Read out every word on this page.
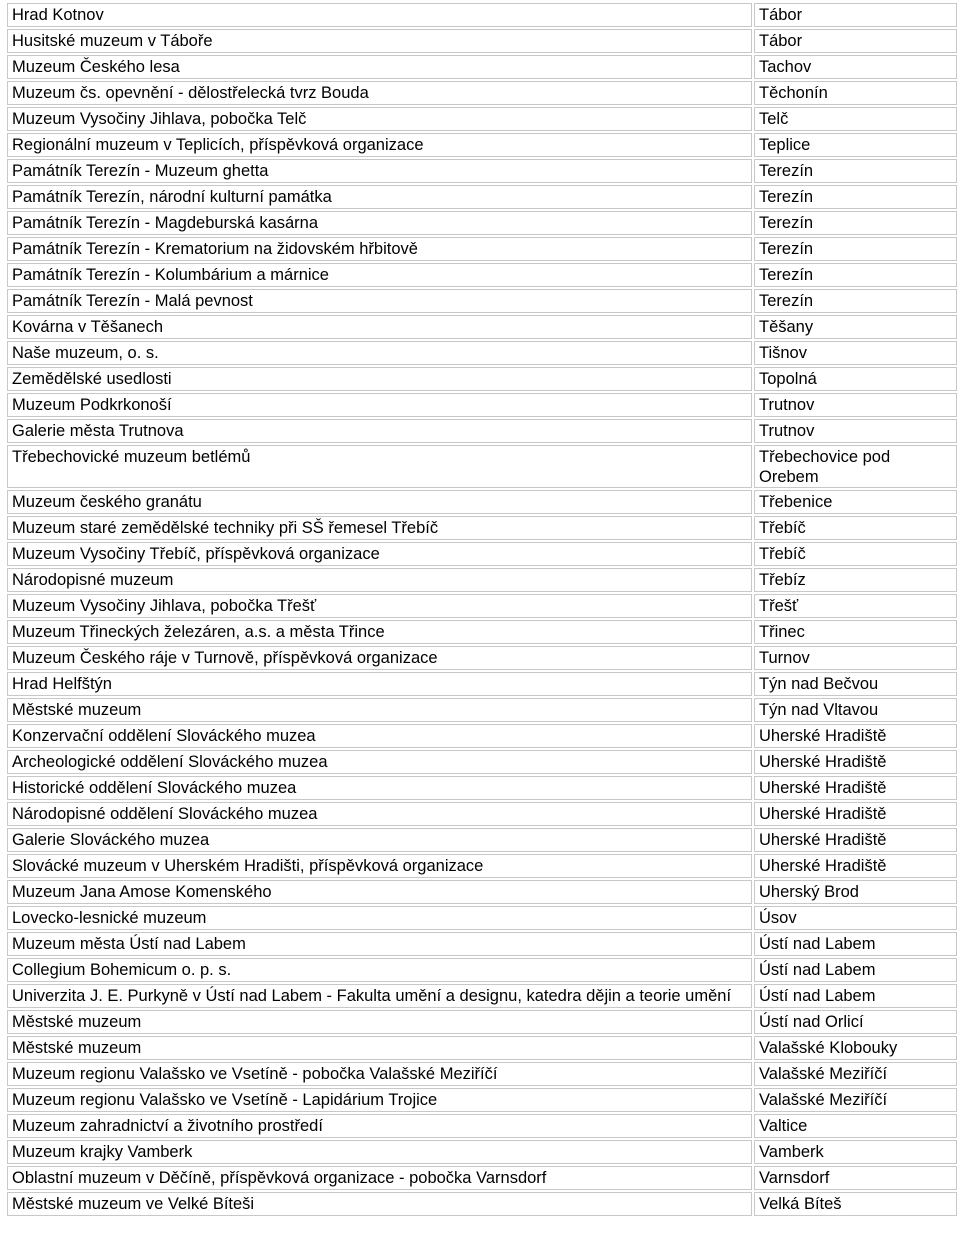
Hrad Kotnov	Tábor
Husitské muzeum v Táboře	Tábor
Muzeum Českého lesa	Tachov
Muzeum čs. opevnění - dělostřelecká tvrz Bouda	Těchonín
Muzeum Vysočiny Jihlava, pobočka Telč	Telč
Regionální muzeum v Teplicích, příspěvková organizace	Teplice
Památník Terezín - Muzeum ghetta	Terezín
Památník Terezín, národní kulturní památka	Terezín
Památník Terezín - Magdeburská kasárna	Terezín
Památník Terezín - Krematorium na židovském hřbitově	Terezín
Památník Terezín - Kolumbárium a márnice	Terezín
Památník Terezín - Malá pevnost	Terezín
Kovárna v Těšanech	Těšany
Naše muzeum, o. s.	Tišnov
Zemědělské usedlosti	Topolná
Muzeum Podkrkonoší	Trutnov
Galerie města Trutnova	Trutnov
Třebechovické muzeum betlémů	Třebechovice pod Orebem
Muzeum českého granátu	Třebenice
Muzeum staré zemědělské techniky při SŠ řemesel Třebíč	Třebíč
Muzeum Vysočiny Třebíč, příspěvková organizace	Třebíč
Národopisné muzeum	Třebíz
Muzeum Vysočiny Jihlava, pobočka Třešť	Třešť
Muzeum Třineckých železáren, a.s. a města Třince	Třinec
Muzeum Českého ráje v Turnově, příspěvková organizace	Turnov
Hrad Helfštýn	Týn nad Bečvou
Městské muzeum	Týn nad Vltavou
Konzervační oddělení Slováckého muzea	Uherské Hradiště
Archeologické oddělení Slováckého muzea	Uherské Hradiště
Historické oddělení Slováckého muzea	Uherské Hradiště
Národopisné oddělení Slováckého muzea	Uherské Hradiště
Galerie Slováckého muzea	Uherské Hradiště
Slovácké muzeum v Uherském Hradišti, příspěvková organizace	Uherské Hradiště
Muzeum Jana Amose Komenského	Uherský Brod
Lovecko-lesnické muzeum	Úsov
Muzeum města Ústí nad Labem	Ústí nad Labem
Collegium Bohemicum o. p. s.	Ústí nad Labem
Univerzita J. E. Purkyně v Ústí nad Labem - Fakulta umění a designu, katedra dějin a teorie umění	Ústí nad Labem
Městské muzeum	Ústí nad Orlicí
Městské muzeum	Valašské Klobouky
Muzeum regionu Valašsko ve Vsetíně - pobočka Valašské Meziříčí	Valašské Meziříčí
Muzeum regionu Valašsko ve Vsetíně - Lapidárium Trojice	Valašské Meziříčí
Muzeum zahradnictví a životního prostředí	Valtice
Muzeum krajky Vamberk	Vamberk
Oblastní muzeum v Děčíně, příspěvková organizace - pobočka Varnsdorf	Varnsdorf
Městské muzeum ve Velké Bíteši	Velká Bíteš
